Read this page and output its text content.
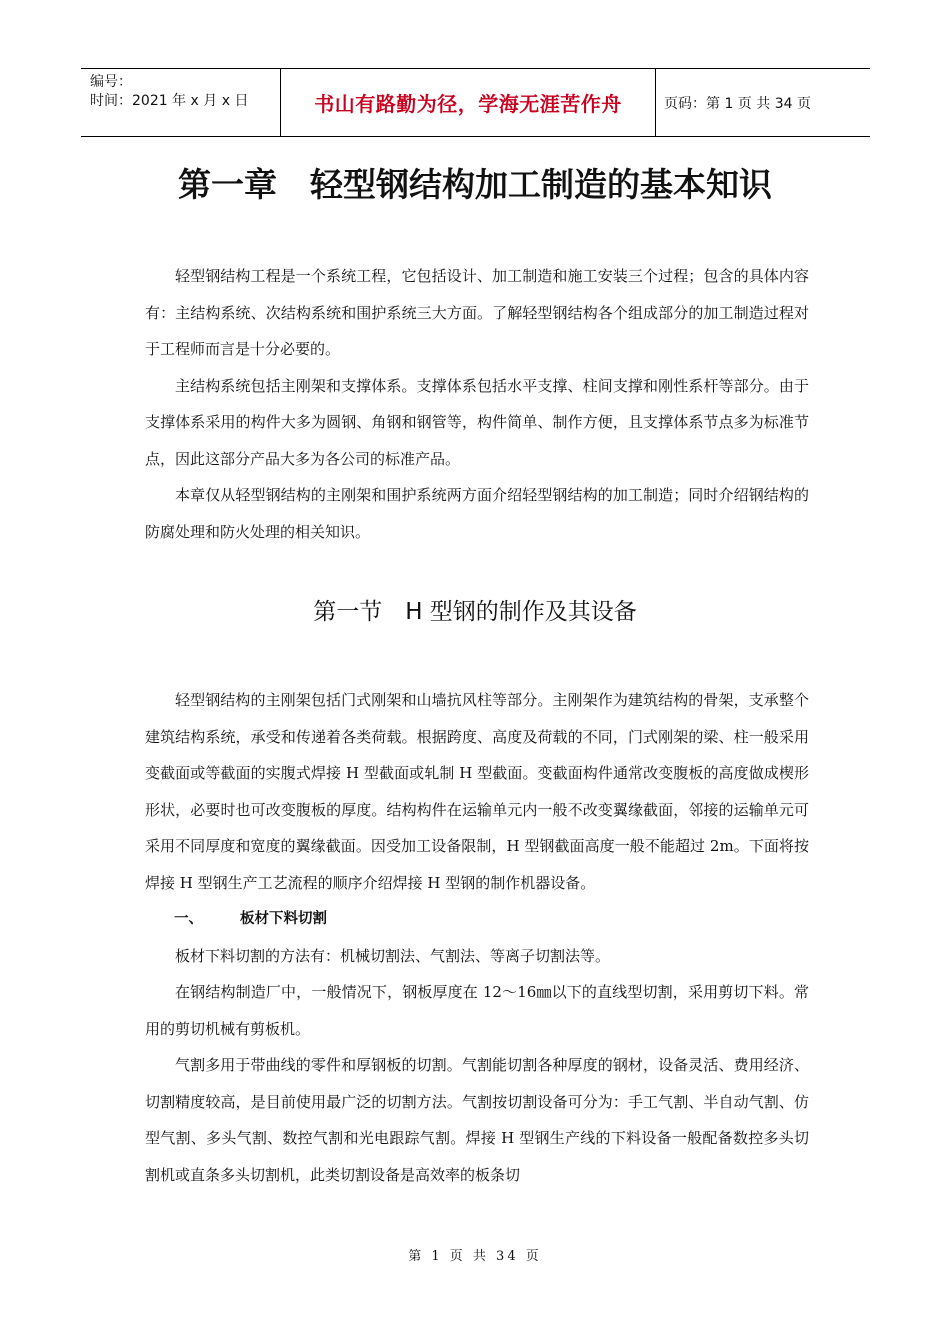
编号：
时间：2021 年 x 月 x 日	书山有路勤为径，学海无涯苦作舟	页码：第 1 页 共 34 页
第一章　轻型钢结构加工制造的基本知识

轻型钢结构工程是一个系统工程，它包括设计、加工制造和施工安装三个过程；包含的具体内容有：主结构系统、次结构系统和围护系统三大方面。了解轻型钢结构各个组成部分的加工制造过程对于工程师而言是十分必要的。

主结构系统包括主刚架和支撑体系。支撑体系包括水平支撑、柱间支撑和刚性系杆等部分。由于支撑体系采用的构件大多为圆钢、角钢和钢管等，构件简单、制作方便，且支撑体系节点多为标准节点，因此这部分产品大多为各公司的标准产品。

本章仅从轻型钢结构的主刚架和围护系统两方面介绍轻型钢结构的加工制造；同时介绍钢结构的防腐处理和防火处理的相关知识。

第一节　H 型钢的制作及其设备

轻型钢结构的主刚架包括门式刚架和山墙抗风柱等部分。主刚架作为建筑结构的骨架，支承整个建筑结构系统，承受和传递着各类荷载。根据跨度、高度及荷载的不同，门式刚架的梁、柱一般采用变截面或等截面的实腹式焊接 H 型截面或轧制 H 型截面。变截面构件通常改变腹板的高度做成楔形形状，必要时也可改变腹板的厚度。结构构件在运输单元内一般不改变翼缘截面，邻接的运输单元可采用不同厚度和宽度的翼缘截面。因受加工设备限制，H 型钢截面高度一般不能超过 2m。下面将按焊接 H 型钢生产工艺流程的顺序介绍焊接 H 型钢的制作机器设备。

一、	板材下料切割

板材下料切割的方法有：机械切割法、气割法、等离子切割法等。

在钢结构制造厂中，一般情况下，钢板厚度在 12～16㎜以下的直线型切割，采用剪切下料。常用的剪切机械有剪板机。

气割多用于带曲线的零件和厚钢板的切割。气割能切割各种厚度的钢材，设备灵活、费用经济、切割精度较高，是目前使用最广泛的切割方法。气割按切割设备可分为：手工气割、半自动气割、仿型气割、多头气割、数控气割和光电跟踪气割。焊接 H 型钢生产线的下料设备一般配备数控多头切割机或直条多头切割机，此类切割设备是高效率的板条切

第 1 页 共 34 页
